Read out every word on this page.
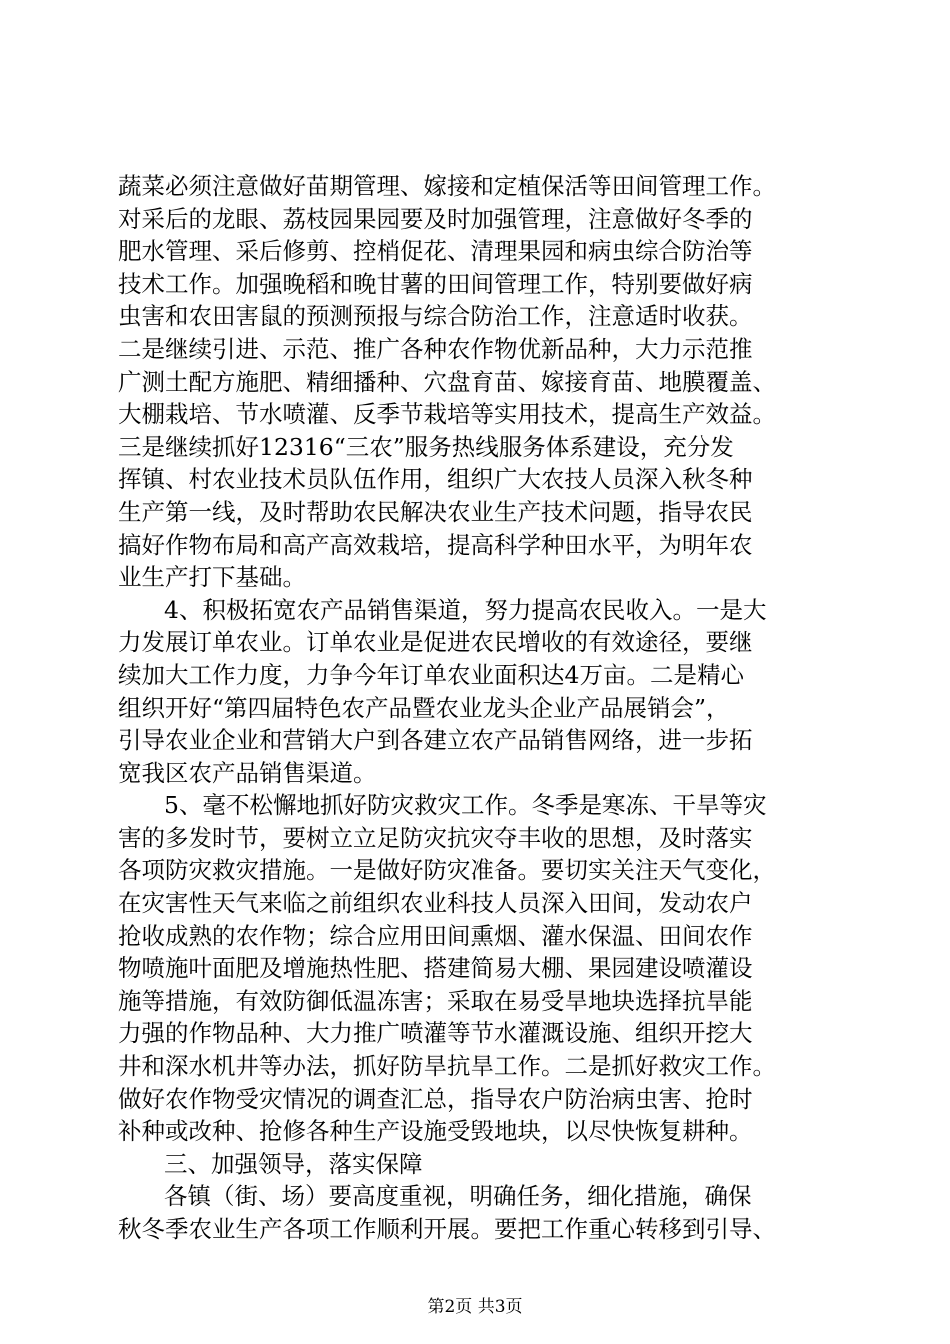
蔬菜必须注意做好苗期管理、嫁接和定植保活等田间管理工作。
对采后的龙眼、荔枝园果园要及时加强管理，注意做好冬季的
肥水管理、采后修剪、控梢促花、清理果园和病虫综合防治等
技术工作。加强晚稻和晚甘薯的田间管理工作，特别要做好病
虫害和农田害鼠的预测预报与综合防治工作，注意适时收获。
二是继续引进、示范、推广各种农作物优新品种，大力示范推
广测土配方施肥、精细播种、穴盘育苗、嫁接育苗、地膜覆盖、
大棚栽培、节水喷灌、反季节栽培等实用技术，提高生产效益。
三是继续抓好12316“三农”服务热线服务体系建设，充分发
挥镇、村农业技术员队伍作用，组织广大农技人员深入秋冬种
生产第一线，及时帮助农民解决农业生产技术问题，指导农民
搞好作物布局和高产高效栽培，提高科学种田水平，为明年农
业生产打下基础。
4、积极拓宽农产品销售渠道，努力提高农民收入。一是大
力发展订单农业。订单农业是促进农民增收的有效途径，要继
续加大工作力度，力争今年订单农业面积达4万亩。二是精心
组织开好“第四届特色农产品暨农业龙头企业产品展销会”，
引导农业企业和营销大户到各建立农产品销售网络，进一步拓
宽我区农产品销售渠道。
5、毫不松懈地抓好防灾救灾工作。冬季是寒冻、干旱等灾
害的多发时节，要树立立足防灾抗灾夺丰收的思想，及时落实
各项防灾救灾措施。一是做好防灾准备。要切实关注天气变化，
在灾害性天气来临之前组织农业科技人员深入田间，发动农户
抢收成熟的农作物；综合应用田间熏烟、灌水保温、田间农作
物喷施叶面肥及增施热性肥、搭建简易大棚、果园建设喷灌设
施等措施，有效防御低温冻害；采取在易受旱地块选择抗旱能
力强的作物品种、大力推广喷灌等节水灌溉设施、组织开挖大
井和深水机井等办法，抓好防旱抗旱工作。二是抓好救灾工作。
做好农作物受灾情况的调查汇总，指导农户防治病虫害、抢时
补种或改种、抢修各种生产设施受毁地块，以尽快恢复耕种。
三、加强领导，落实保障
各镇（街、场）要高度重视，明确任务，细化措施，确保
秋冬季农业生产各项工作顺利开展。要把工作重心转移到引导、
第2页 共3页
